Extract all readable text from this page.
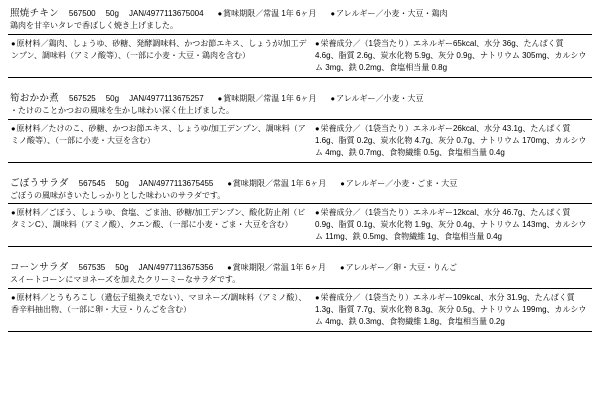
照焼チキン 567500 50g JAN/4977113675004 ● 賞味期限／常温 1年 6ヶ月 ● アレルギー／小麦・大豆・鶏肉
鶏肉を甘辛いタレで香ばしく焼き上げました。
●原材料／鶏肉、しょうゆ、砂糖、発酵調味料、かつお節エキス、しょうが/加工デンプン、調味料（アミノ酸等）、（一部に小麦・大豆・鶏肉を含む）
●栄養成分／（1袋当たり）エネルギー65kcal、水分 36g、たんぱく質 4.6g、脂質 2.6g、炭水化物 5.9g、灰分 0.9g、ナトリウム 305mg、カルシウム 3mg、鉄 0.2mg、食塩相当量 0.8g
筍おかか煮 567525 50g JAN/4977113675257 ● 賞味期限／常温 1年 6ヶ月 ● アレルギー／小麦・大豆
・たけのことかつおの風味を生かし味わい深く仕上げました。
●原材料／たけのこ、砂糖、かつお節エキス、しょうゆ/加工デンプン、調味料（アミノ酸等）、（一部に小麦・大豆を含む）
●栄養成分／（1袋当たり）エネルギー26kcal、水分 43.1g、たんぱく質 1.6g、脂質 0.2g、炭水化物 4.7g、灰分 0.7g、ナトリウム 170mg、カルシウム 4mg、鉄 0.7mg、食物繊維 0.5g、食塩相当量 0.4g
ごぼうサラダ 567545 50g JAN/4977113675455 ● 賞味期限／常温 1年 6ヶ月 ● アレルギー／小麦・ごま・大豆
ごぼうの風味がきいたしっかりとした味わいのサラダです。
●原材料／ごぼう、しょうゆ、食塩、ごま油、砂糖/加工デンプン、酸化防止剤（ビタミンC）、調味料（アミノ酸）、クエン酸、（一部に小麦・ごま・大豆を含む）
●栄養成分／（1袋当たり）エネルギー12kcal、水分 46.7g、たんぱく質 0.9g、脂質 0.1g、炭水化物 1.9g、灰分 0.4g、ナトリウム 143mg、カルシウム 11mg、鉄 0.5mg、食物繊維 1g、食塩相当量 0.4g
コーンサラダ 567535 50g JAN/4977113675356 ● 賞味期限／常温 1年 6ヶ月 ● アレルギー／卵・大豆・りんご
スイートコーンにマヨネーズを加えたクリーミーなサラダです。
●原材料／とうもろこし（遺伝子組換えでない）、マヨネーズ/調味料（アミノ酸）、香辛料抽出物、（一部に卵・大豆・りんごを含む）
●栄養成分／（1袋当たり）エネルギー109kcal、水分 31.9g、たんぱく質 1.3g、脂質 7.7g、炭水化物 8.3g、灰分 0.5g、ナトリウム 199mg、カルシウム 4mg、鉄 0.3mg、食物繊維 1.8g、食塩相当量 0.2g
